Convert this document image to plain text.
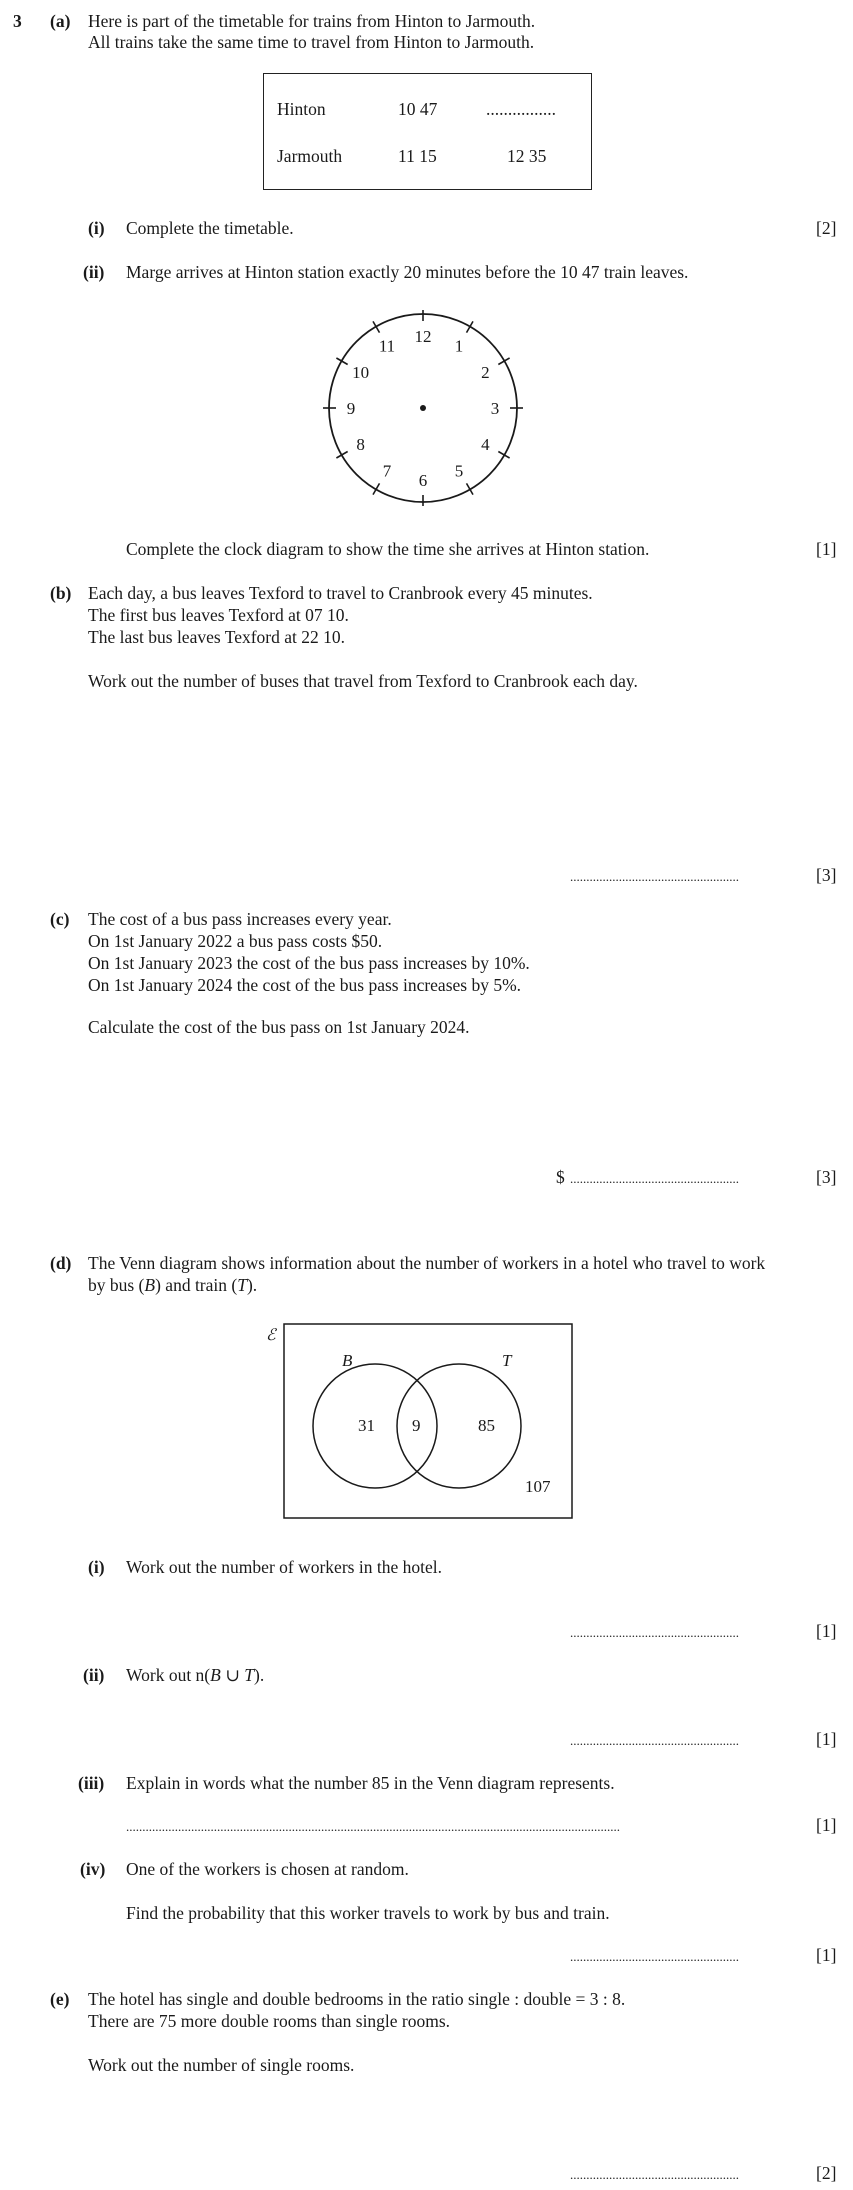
3 (a) Here is part of the timetable for trains from Hinton to Jarmouth.
All trains take the same time to travel from Hinton to Jarmouth.
Hinton	10 47	................
Jarmouth	11 15	12 35
(i) Complete the timetable.	[2]
(ii) Marge arrives at Hinton station exactly 20 minutes before the 10 47 train leaves.
12
1
2
3
4
5
6
7
8
9
10
11
Complete the clock diagram to show the time she arrives at Hinton station.	[1]
(b) Each day, a bus leaves Texford to travel to Cranbrook every 45 minutes.
The first bus leaves Texford at 07 10.
The last bus leaves Texford at 22 10.
Work out the number of buses that travel from Texford to Cranbrook each day.
....................................................	[3]
(c) The cost of a bus pass increases every year.
On 1st January 2022 a bus pass costs $50.
On 1st January 2023 the cost of the bus pass increases by 10%.
On 1st January 2024 the cost of the bus pass increases by 5%.
Calculate the cost of the bus pass on 1st January 2024.
$ ....................................................	[3]
(d) The Venn diagram shows information about the number of workers in a hotel who travel to work
by bus (B) and train (T).
ℰ
B	T
31 9	85
107
(i) Work out the number of workers in the hotel.
....................................................	[1]
(ii) Work out n(B ∪ T).
....................................................	[1]
(iii) Explain in words what the number 85 in the Venn diagram represents.
........................................................................................................................................................	[1]
(iv) One of the workers is chosen at random.
Find the probability that this worker travels to work by bus and train.
....................................................	[1]
(e) The hotel has single and double bedrooms in the ratio single : double = 3 : 8.
There are 75 more double rooms than single rooms.
Work out the number of single rooms.
....................................................	[2]
